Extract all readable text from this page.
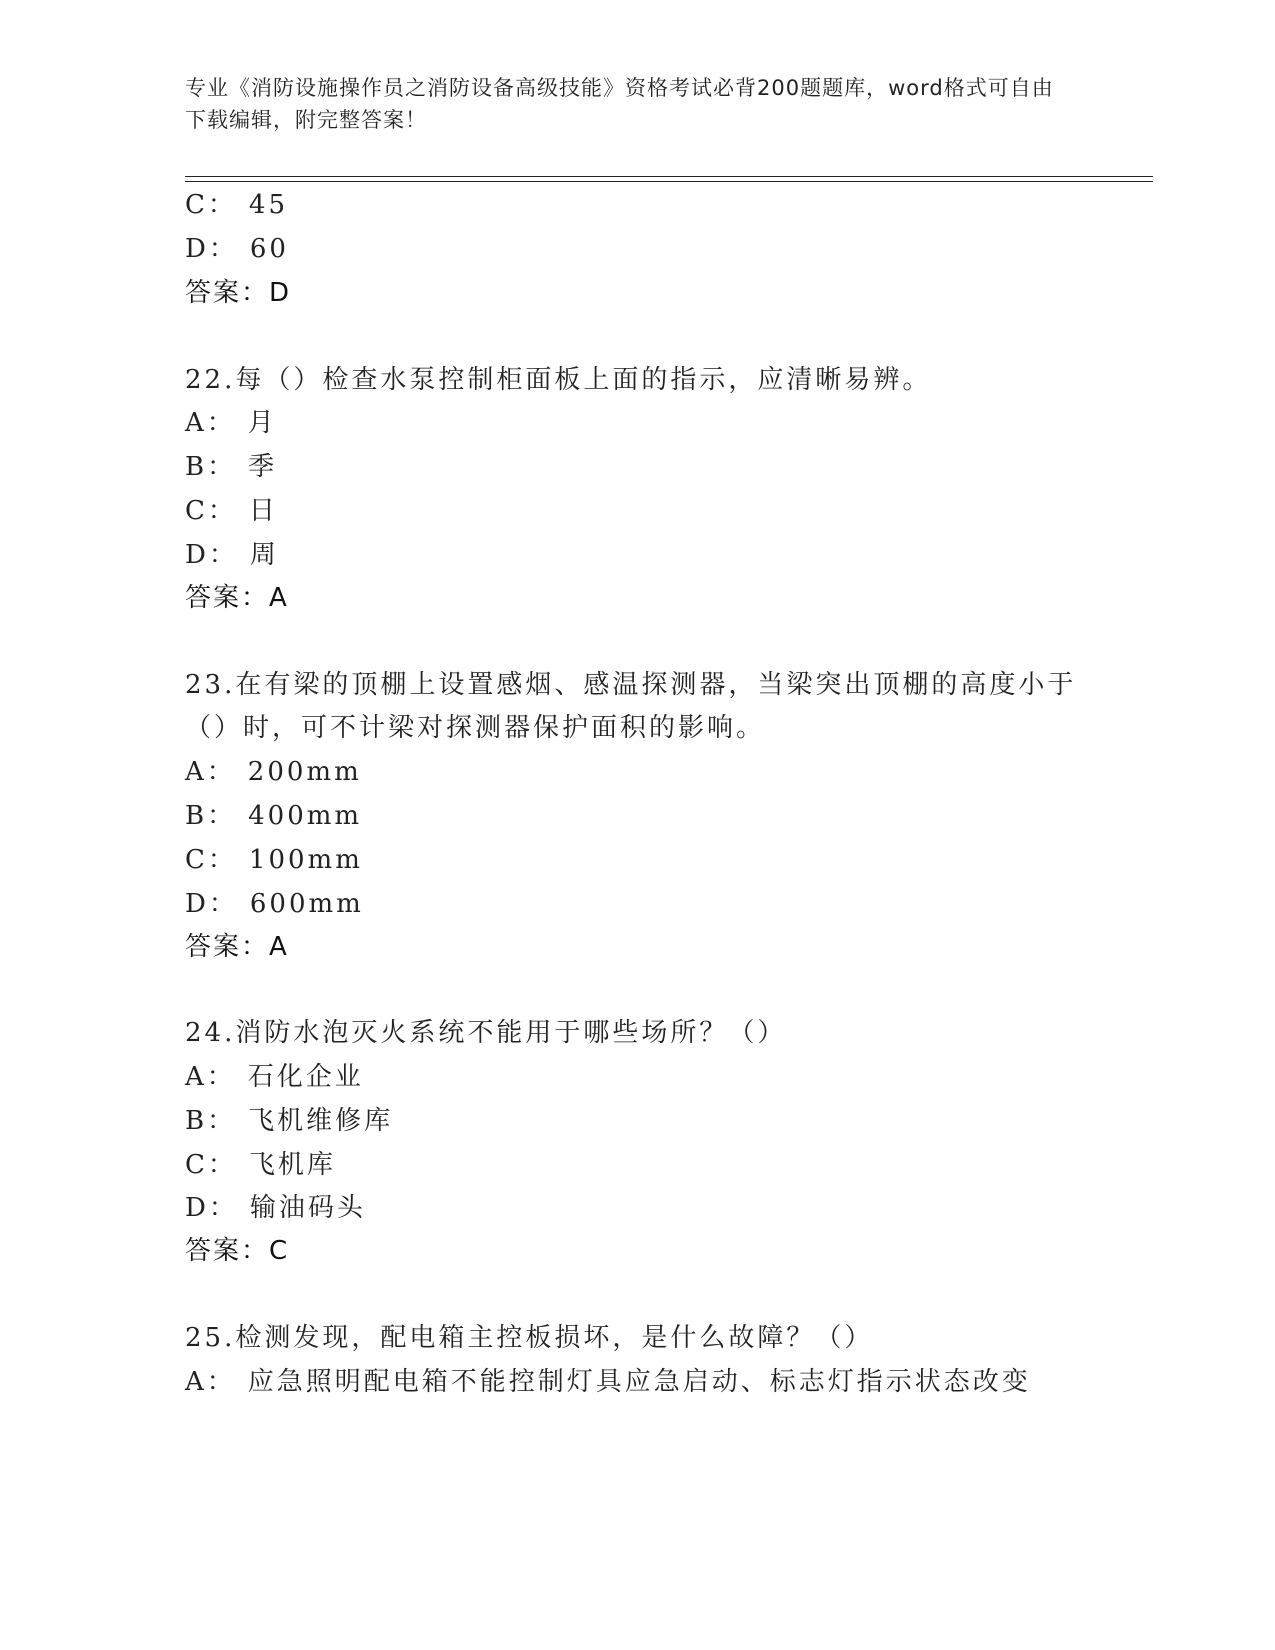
专业《消防设施操作员之消防设备高级技能》资格考试必背200题题库，word格式可自由下载编辑，附完整答案！
C： 45
D： 60
答案：D
22.每（）检查水泵控制柜面板上面的指示，应清晰易辨。
A： 月
B： 季
C： 日
D： 周
答案：A
23.在有梁的顶棚上设置感烟、感温探测器，当梁突出顶棚的高度小于
（）时，可不计梁对探测器保护面积的影响。
A： 200mm
B： 400mm
C： 100mm
D： 600mm
答案：A
24.消防水泡灭火系统不能用于哪些场所？（）
A： 石化企业
B： 飞机维修库
C： 飞机库
D： 输油码头
答案：C
25.检测发现，配电箱主控板损坏，是什么故障？（）
A： 应急照明配电箱不能控制灯具应急启动、标志灯指示状态改变
